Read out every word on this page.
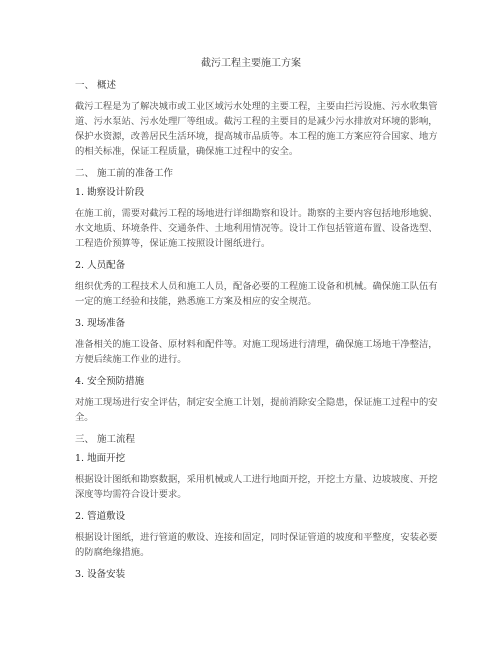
截污工程主要施工方案
一、 概述
截污工程是为了解决城市或工业区域污水处理的主要工程，主要由拦污设施、污水收集管
道、污水泵站、污水处理厂等组成。截污工程的主要目的是减少污水排放对环境的影响，
保护水资源，改善居民生活环境，提高城市品质等。本工程的施工方案应符合国家、地方
的相关标准，保证工程质量，确保施工过程中的安全。
二、 施工前的准备工作
1. 勘察设计阶段
在施工前，需要对截污工程的场地进行详细勘察和设计。勘察的主要内容包括地形地貌、
水文地质、环境条件、交通条件、土地利用情况等。设计工作包括管道布置、设备选型、
工程造价预算等，保证施工按照设计图纸进行。
2. 人员配备
组织优秀的工程技术人员和施工人员，配备必要的工程施工设备和机械。确保施工队伍有
一定的施工经验和技能，熟悉施工方案及相应的安全规范。
3. 现场准备
准备相关的施工设备、原材料和配件等。对施工现场进行清理，确保施工场地干净整洁，
方便后续施工作业的进行。
4. 安全预防措施
对施工现场进行安全评估，制定安全施工计划，提前消除安全隐患，保证施工过程中的安
全。
三、 施工流程
1. 地面开挖
根据设计图纸和勘察数据，采用机械或人工进行地面开挖，开挖土方量、边坡坡度、开挖
深度等均需符合设计要求。
2. 管道敷设
根据设计图纸，进行管道的敷设、连接和固定，同时保证管道的坡度和平整度，安装必要
的防腐绝缘措施。
3. 设备安装
